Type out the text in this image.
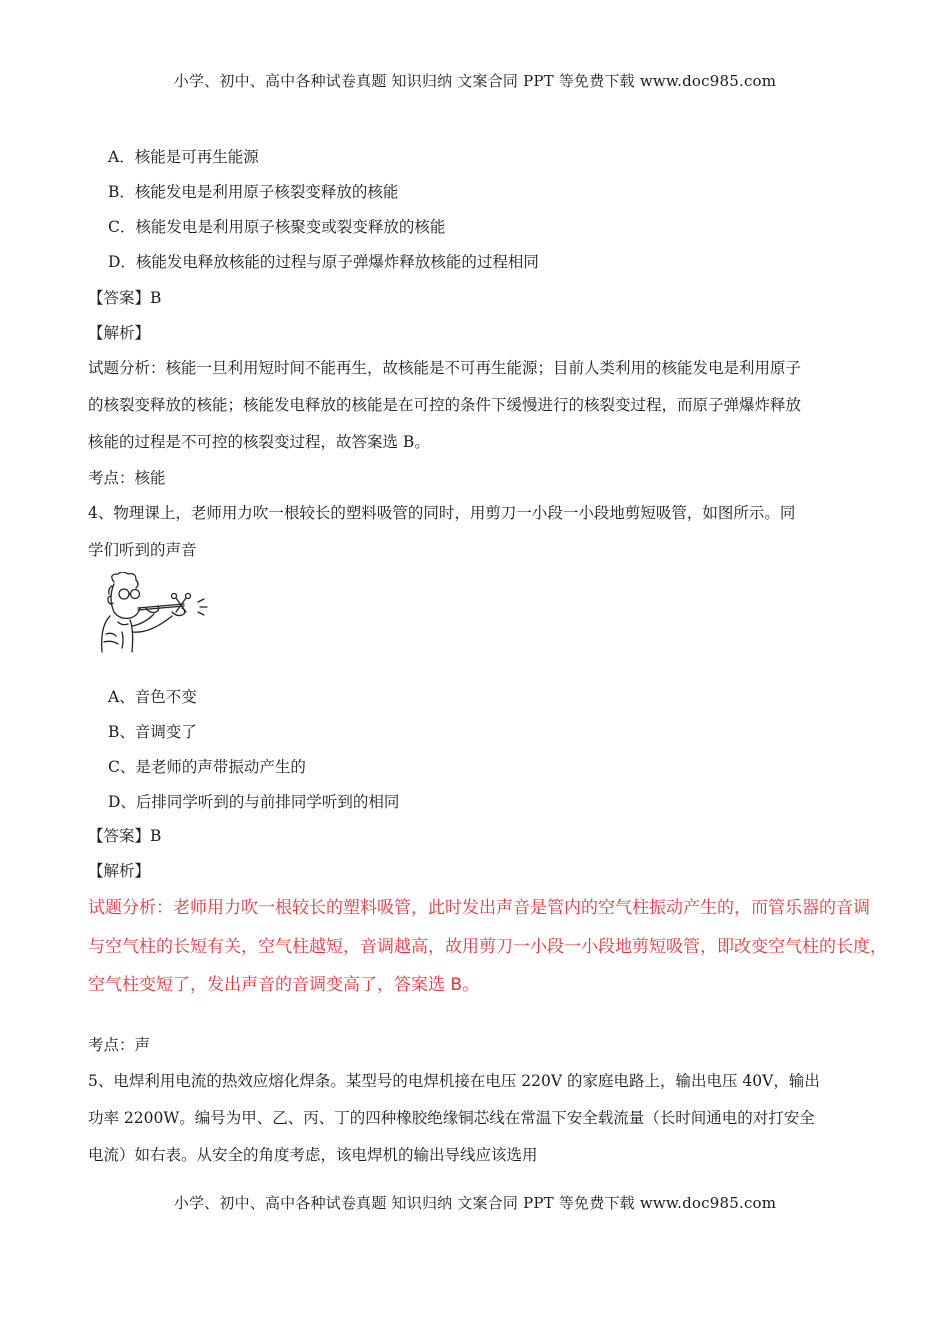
小学、初中、高中各种试卷真题 知识归纳 文案合同 PPT 等免费下载 www.doc985.com
A．核能是可再生能源
B．核能发电是利用原子核裂变释放的核能
C．核能发电是利用原子核聚变或裂变释放的核能
D．核能发电释放核能的过程与原子弹爆炸释放核能的过程相同
【答案】B
【解析】
试题分析：核能一旦利用短时间不能再生，故核能是不可再生能源；目前人类利用的核能发电是利用原子
的核裂变释放的核能；核能发电释放的核能是在可控的条件下缓慢进行的核裂变过程，而原子弹爆炸释放
核能的过程是不可控的核裂变过程，故答案选 B。
考点：核能
4、物理课上，老师用力吹一根较长的塑料吸管的同时，用剪刀一小段一小段地剪短吸管，如图所示。同
学们听到的声音
A、音色不变
B、音调变了
C、是老师的声带振动产生的
D、后排同学听到的与前排同学听到的相同
【答案】B
【解析】
试题分析：老师用力吹一根较长的塑料吸管，此时发出声音是管内的空气柱振动产生的，而管乐器的音调
与空气柱的长短有关，空气柱越短，音调越高，故用剪刀一小段一小段地剪短吸管，即改变空气柱的长度，
空气柱变短了，发出声音的音调变高了，答案选 B。
考点：声
5、电焊利用电流的热效应熔化焊条。某型号的电焊机接在电压 220V 的家庭电路上，输出电压 40V，输出
功率 2200W。编号为甲、乙、丙、丁的四种橡胶绝缘铜芯线在常温下安全载流量（长时间通电的对打安全
电流）如右表。从安全的角度考虑，该电焊机的输出导线应该选用
小学、初中、高中各种试卷真题 知识归纳 文案合同 PPT 等免费下载 www.doc985.com
